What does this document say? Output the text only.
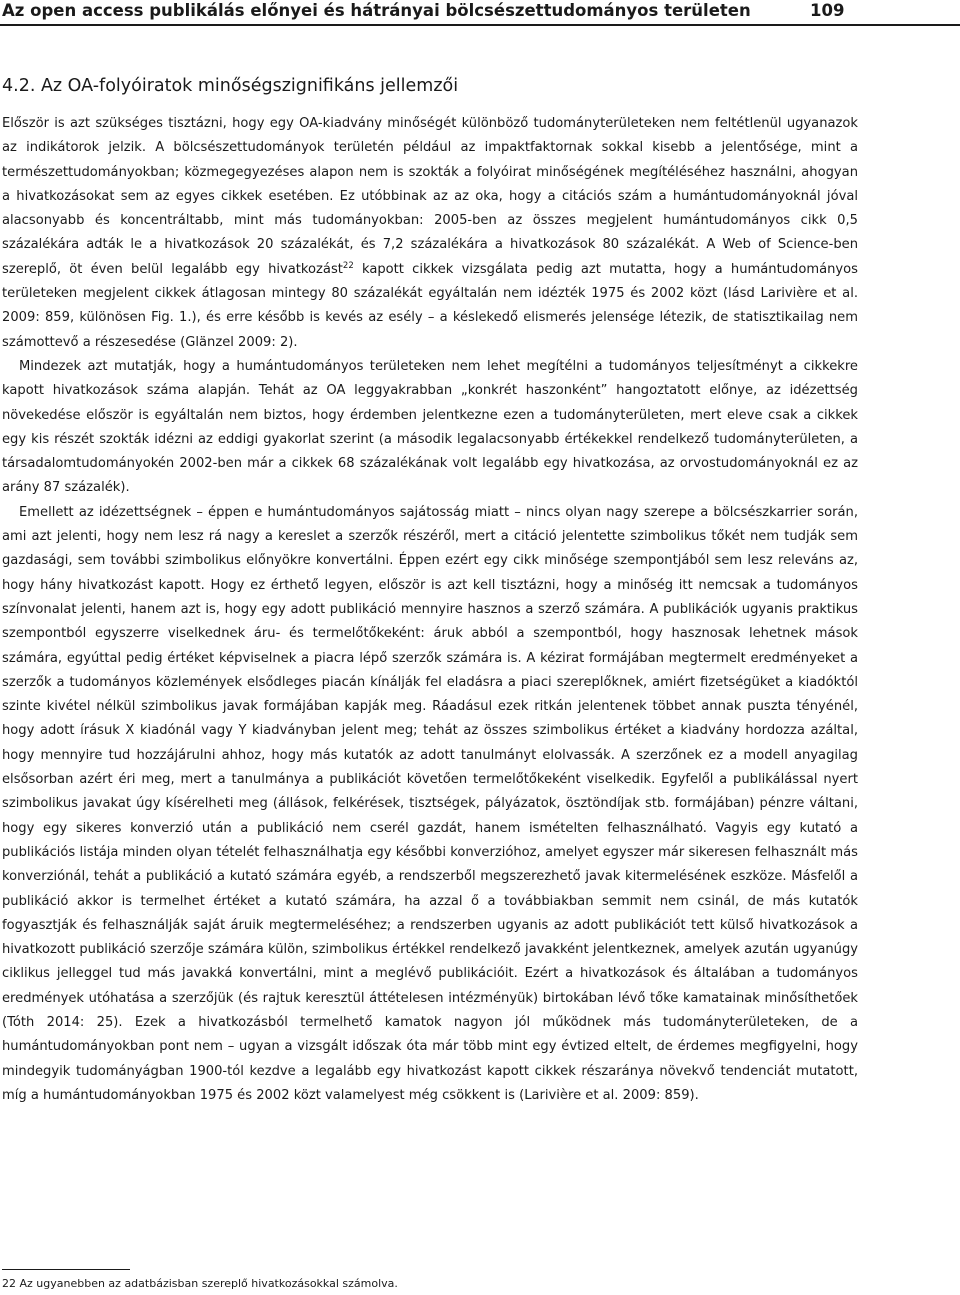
Az open access publikálás előnyei és hátrányai bölcsészettudományos területen	109
4.2. Az OA-folyóiratok minőségszignifikáns jellemzői

Először is azt szükséges tisztázni, hogy egy OA-kiadvány minőségét különböző tudományterületeken nem feltétlenül ugyanazok az indikátorok jelzik. A bölcsészettudományok területén például az impaktfaktornak sokkal kisebb a jelentősége, mint a természettudományokban; közmegegyezéses alapon nem is szokták a folyóirat minőségének megítéléséhez használni, ahogyan a hivatkozásokat sem az egyes cikkek esetében. Ez utóbbinak az az oka, hogy a citációs szám a humántudományoknál jóval alacsonyabb és koncentráltabb, mint más tudományokban: 2005-ben az összes megjelent humántudományos cikk 0,5 százalékára adták le a hivatkozások 20 százalékát, és 7,2 százalékára a hivatkozások 80 százalékát. A Web of Science-ben szereplő, öt éven belül legalább egy hivatkozást$^{22}$ kapott cikkek vizsgálata pedig azt mutatta, hogy a humántudományos területeken megjelent cikkek átlagosan mintegy 80 százalékát egyáltalán nem idézték 1975 és 2002 közt (lásd Larivière et al. 2009: 859, különösen Fig. 1.), és erre később is kevés az esély – a késlekedő elismerés jelensége létezik, de statisztikailag nem számottevő a részesedése (Glänzel 2009: 2).

Mindezek azt mutatják, hogy a humántudományos területeken nem lehet megítélni a tudományos teljesítményt a cikkekre kapott hivatkozások száma alapján. Tehát az OA leggyakrabban „konkrét haszonként” hangoztatott előnye, az idézettség növekedése először is egyáltalán nem biztos, hogy érdemben jelentkezne ezen a tudományterületen, mert eleve csak a cikkek egy kis részét szokták idézni az eddigi gyakorlat szerint (a második legalacsonyabb értékekkel rendelkező tudományterületen, a társadalomtudományokén 2002-ben már a cikkek 68 százalékának volt legalább egy hivatkozása, az orvostudományoknál ez az arány 87 százalék).

Emellett az idézettségnek – éppen e humántudományos sajátosság miatt – nincs olyan nagy szerepe a bölcsészkarrier során, ami azt jelenti, hogy nem lesz rá nagy a kereslet a szerzők részéről, mert a citáció jelentette szimbolikus tőkét nem tudják sem gazdasági, sem további szimbolikus előnyökre konvertálni. Éppen ezért egy cikk minősége szempontjából sem lesz releváns az, hogy hány hivatkozást kapott. Hogy ez érthető legyen, először is azt kell tisztázni, hogy a minőség itt nemcsak a tudományos színvonalat jelenti, hanem azt is, hogy egy adott publikáció mennyire hasznos a szerző számára. A publikációk ugyanis praktikus szempontból egyszerre viselkednek áru- és termelőtőkeként: áruk abból a szempontból, hogy hasznosak lehetnek mások számára, egyúttal pedig értéket képviselnek a piacra lépő szerzők számára is. A kézirat formájában megtermelt eredményeket a szerzők a tudományos közlemények elsődleges piacán kínálják fel eladásra a piaci szereplőknek, amiért fizetségüket a kiadóktól szinte kivétel nélkül szimbolikus javak formájában kapják meg. Ráadásul ezek ritkán jelentenek többet annak puszta tényénél, hogy adott írásuk X kiadónál vagy Y kiadványban jelent meg; tehát az összes szimbolikus értéket a kiadvány hordozza azáltal, hogy mennyire tud hozzájárulni ahhoz, hogy más kutatók az adott tanulmányt elolvassák. A szerzőnek ez a modell anyagilag elsősorban azért éri meg, mert a tanulmánya a publikációt követően termelőtőkeként viselkedik. Egyfelől a publikálással nyert szimbolikus javakat úgy kísérelheti meg (állások, felkérések, tisztségek, pályázatok, ösztöndíjak stb. formájában) pénzre váltani, hogy egy sikeres konverzió után a publikáció nem cserél gazdát, hanem ismételten felhasználható. Vagyis egy kutató a publikációs listája minden olyan tételét felhasználhatja egy későbbi konverzióhoz, amelyet egyszer már sikeresen felhasznált más konverziónál, tehát a publikáció a kutató számára egyéb, a rendszerből megszerezhető javak kitermelésének eszköze. Másfelől a publikáció akkor is termelhet értéket a kutató számára, ha azzal ő a továbbiakban semmit nem csinál, de más kutatók fogyasztják és felhasználják saját áruik megtermeléséhez; a rendszerben ugyanis az adott publikációt tett külső hivatkozások a hivatkozott publikáció szerzője számára külön, szimbolikus értékkel rendelkező javakként jelentkeznek, amelyek azután ugyanúgy ciklikus jelleggel tud más javakká konvertálni, mint a meglévő publikációit. Ezért a hivatkozások és általában a tudományos eredmények utóhatása a szerzőjük (és rajtuk keresztül áttételesen intézményük) birtokában lévő tőke kamatainak minősíthetőek (Tóth 2014: 25). Ezek a hivatkozásból termelhető kamatok nagyon jól működnek más tudományterületeken, de a humántudományokban pont nem – ugyan a vizsgált időszak óta már több mint egy évtized eltelt, de érdemes megfigyelni, hogy mindegyik tudományágban 1900-tól kezdve a legalább egy hivatkozást kapott cikkek részaránya növekvő tendenciát mutatott, míg a humántudományokban 1975 és 2002 közt valamelyest még csökkent is (Larivière et al. 2009: 859).

22 Az ugyanebben az adatbázisban szereplő hivatkozásokkal számolva.
